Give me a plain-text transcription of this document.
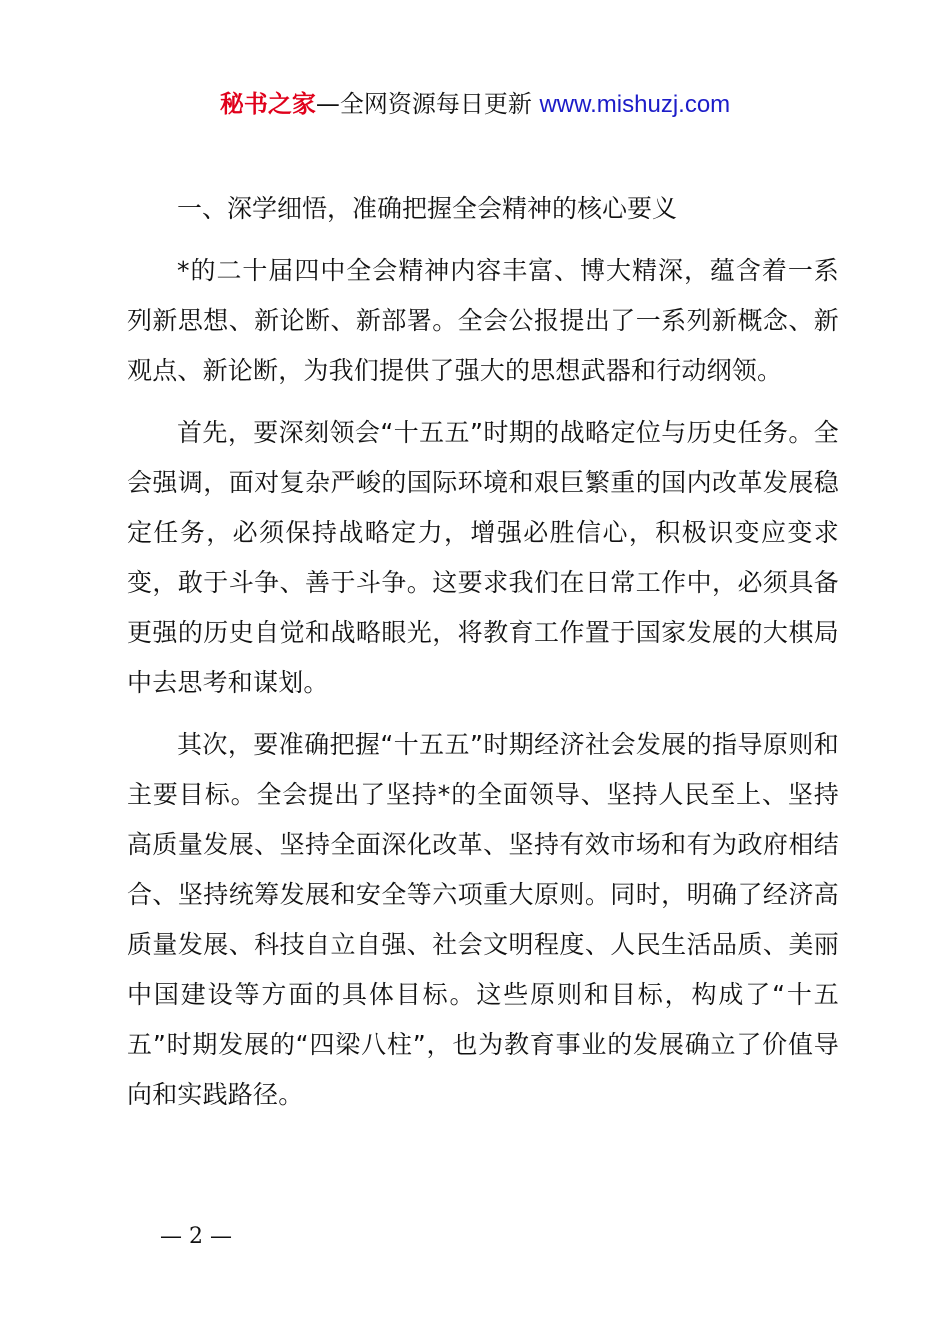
秘书之家—全网资源每日更新 www.mishuzj.com
一、深学细悟，准确把握全会精神的核心要义

*的二十届四中全会精神内容丰富、博大精深，蕴含着一系列新思想、新论断、新部署。全会公报提出了一系列新概念、新观点、新论断，为我们提供了强大的思想武器和行动纲领。

首先，要深刻领会“十五五”时期的战略定位与历史任务。全会强调，面对复杂严峻的国际环境和艰巨繁重的国内改革发展稳定任务，必须保持战略定力，增强必胜信心，积极识变应变求变，敢于斗争、善于斗争。这要求我们在日常工作中，必须具备更强的历史自觉和战略眼光，将教育工作置于国家发展的大棋局中去思考和谋划。

其次，要准确把握“十五五”时期经济社会发展的指导原则和主要目标。全会提出了坚持*的全面领导、坚持人民至上、坚持高质量发展、坚持全面深化改革、坚持有效市场和有为政府相结合、坚持统筹发展和安全等六项重大原则。同时，明确了经济高质量发展、科技自立自强、社会文明程度、人民生活品质、美丽中国建设等方面的具体目标。这些原则和目标，构成了“十五五”时期发展的“四梁八柱”，也为教育事业的发展确立了价值导向和实践路径。

— 2 —
